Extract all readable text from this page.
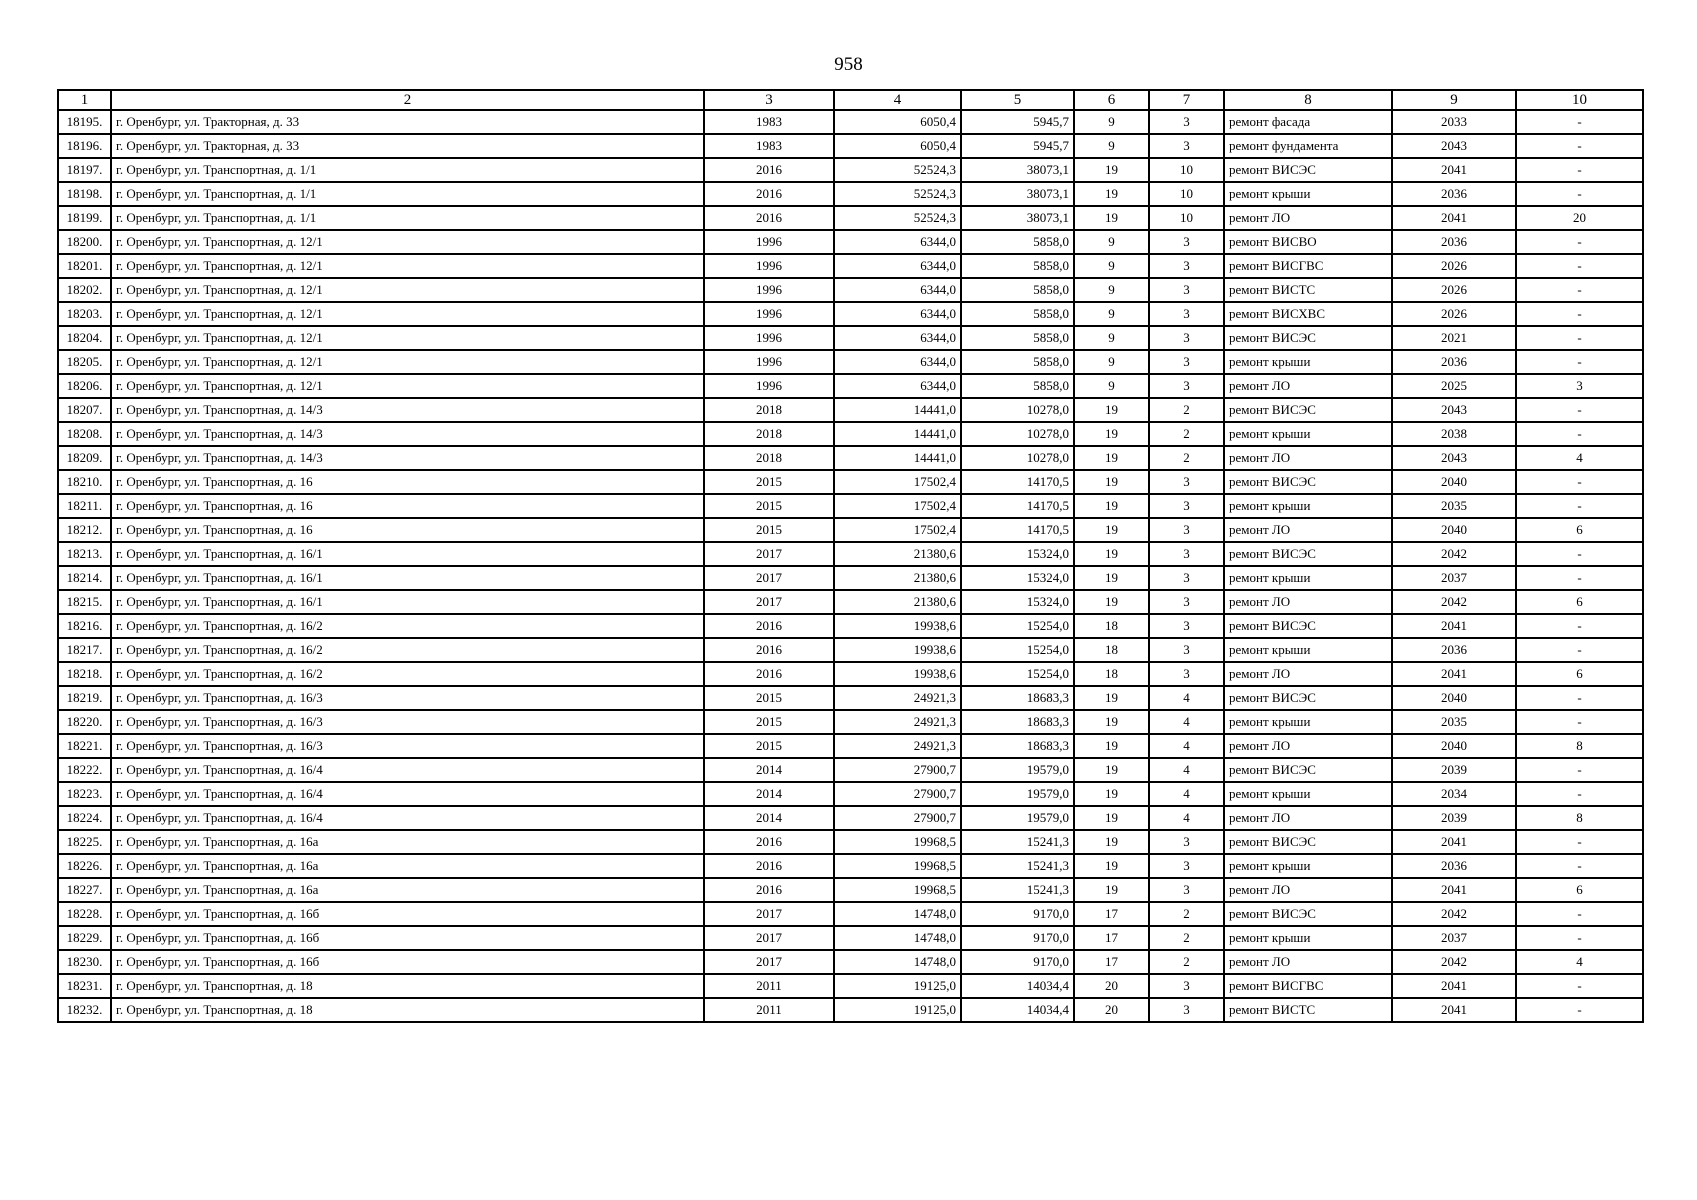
958
1	2	3	4	5	6	7	8	9	10
18195.	г. Оренбург, ул. Тракторная, д. 33	1983	6050,4	5945,7	9	3	ремонт фасада	2033	-
18196.	г. Оренбург, ул. Тракторная, д. 33	1983	6050,4	5945,7	9	3	ремонт фундамента	2043	-
18197.	г. Оренбург, ул. Транспортная, д. 1/1	2016	52524,3	38073,1	19	10	ремонт ВИСЭС	2041	-
18198.	г. Оренбург, ул. Транспортная, д. 1/1	2016	52524,3	38073,1	19	10	ремонт крыши	2036	-
18199.	г. Оренбург, ул. Транспортная, д. 1/1	2016	52524,3	38073,1	19	10	ремонт ЛО	2041	20
18200.	г. Оренбург, ул. Транспортная, д. 12/1	1996	6344,0	5858,0	9	3	ремонт ВИСВО	2036	-
18201.	г. Оренбург, ул. Транспортная, д. 12/1	1996	6344,0	5858,0	9	3	ремонт ВИСГВС	2026	-
18202.	г. Оренбург, ул. Транспортная, д. 12/1	1996	6344,0	5858,0	9	3	ремонт ВИСТС	2026	-
18203.	г. Оренбург, ул. Транспортная, д. 12/1	1996	6344,0	5858,0	9	3	ремонт ВИСХВС	2026	-
18204.	г. Оренбург, ул. Транспортная, д. 12/1	1996	6344,0	5858,0	9	3	ремонт ВИСЭС	2021	-
18205.	г. Оренбург, ул. Транспортная, д. 12/1	1996	6344,0	5858,0	9	3	ремонт крыши	2036	-
18206.	г. Оренбург, ул. Транспортная, д. 12/1	1996	6344,0	5858,0	9	3	ремонт ЛО	2025	3
18207.	г. Оренбург, ул. Транспортная, д. 14/3	2018	14441,0	10278,0	19	2	ремонт ВИСЭС	2043	-
18208.	г. Оренбург, ул. Транспортная, д. 14/3	2018	14441,0	10278,0	19	2	ремонт крыши	2038	-
18209.	г. Оренбург, ул. Транспортная, д. 14/3	2018	14441,0	10278,0	19	2	ремонт ЛО	2043	4
18210.	г. Оренбург, ул. Транспортная, д. 16	2015	17502,4	14170,5	19	3	ремонт ВИСЭС	2040	-
18211.	г. Оренбург, ул. Транспортная, д. 16	2015	17502,4	14170,5	19	3	ремонт крыши	2035	-
18212.	г. Оренбург, ул. Транспортная, д. 16	2015	17502,4	14170,5	19	3	ремонт ЛО	2040	6
18213.	г. Оренбург, ул. Транспортная, д. 16/1	2017	21380,6	15324,0	19	3	ремонт ВИСЭС	2042	-
18214.	г. Оренбург, ул. Транспортная, д. 16/1	2017	21380,6	15324,0	19	3	ремонт крыши	2037	-
18215.	г. Оренбург, ул. Транспортная, д. 16/1	2017	21380,6	15324,0	19	3	ремонт ЛО	2042	6
18216.	г. Оренбург, ул. Транспортная, д. 16/2	2016	19938,6	15254,0	18	3	ремонт ВИСЭС	2041	-
18217.	г. Оренбург, ул. Транспортная, д. 16/2	2016	19938,6	15254,0	18	3	ремонт крыши	2036	-
18218.	г. Оренбург, ул. Транспортная, д. 16/2	2016	19938,6	15254,0	18	3	ремонт ЛО	2041	6
18219.	г. Оренбург, ул. Транспортная, д. 16/3	2015	24921,3	18683,3	19	4	ремонт ВИСЭС	2040	-
18220.	г. Оренбург, ул. Транспортная, д. 16/3	2015	24921,3	18683,3	19	4	ремонт крыши	2035	-
18221.	г. Оренбург, ул. Транспортная, д. 16/3	2015	24921,3	18683,3	19	4	ремонт ЛО	2040	8
18222.	г. Оренбург, ул. Транспортная, д. 16/4	2014	27900,7	19579,0	19	4	ремонт ВИСЭС	2039	-
18223.	г. Оренбург, ул. Транспортная, д. 16/4	2014	27900,7	19579,0	19	4	ремонт крыши	2034	-
18224.	г. Оренбург, ул. Транспортная, д. 16/4	2014	27900,7	19579,0	19	4	ремонт ЛО	2039	8
18225.	г. Оренбург, ул. Транспортная, д. 16а	2016	19968,5	15241,3	19	3	ремонт ВИСЭС	2041	-
18226.	г. Оренбург, ул. Транспортная, д. 16а	2016	19968,5	15241,3	19	3	ремонт крыши	2036	-
18227.	г. Оренбург, ул. Транспортная, д. 16а	2016	19968,5	15241,3	19	3	ремонт ЛО	2041	6
18228.	г. Оренбург, ул. Транспортная, д. 16б	2017	14748,0	9170,0	17	2	ремонт ВИСЭС	2042	-
18229.	г. Оренбург, ул. Транспортная, д. 16б	2017	14748,0	9170,0	17	2	ремонт крыши	2037	-
18230.	г. Оренбург, ул. Транспортная, д. 16б	2017	14748,0	9170,0	17	2	ремонт ЛО	2042	4
18231.	г. Оренбург, ул. Транспортная, д. 18	2011	19125,0	14034,4	20	3	ремонт ВИСГВС	2041	-
18232.	г. Оренбург, ул. Транспортная, д. 18	2011	19125,0	14034,4	20	3	ремонт ВИСТС	2041	-
